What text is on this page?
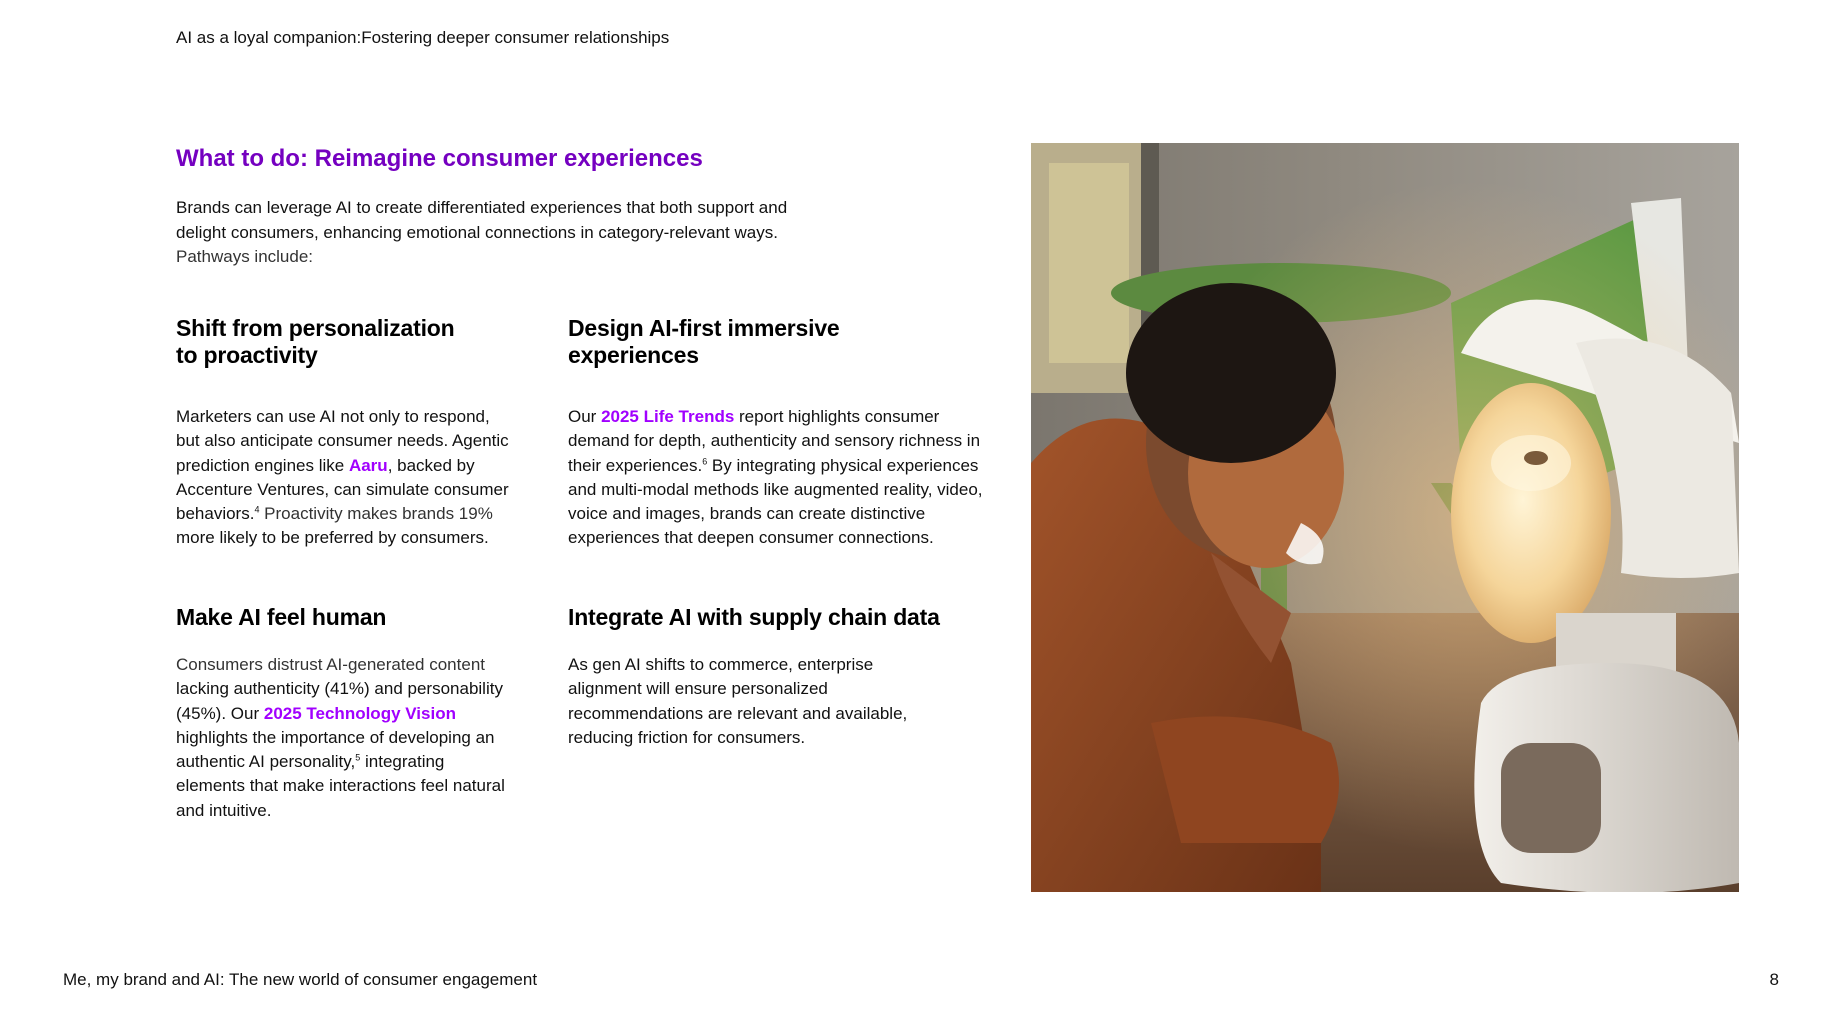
AI as a loyal companion:Fostering deeper consumer relationships
What to do: Reimagine consumer experiences
Brands can leverage AI to create differentiated experiences that both support and delight consumers, enhancing emotional connections in category-relevant ways.
Pathways include:
Shift from personalization
to proactivity

Marketers can use AI not only to respond, but also anticipate consumer needs. Agentic prediction engines like Aaru, backed by Accenture Ventures, can simulate consumer behaviors.$^4$ Proactivity makes brands 19% more likely to be preferred by consumers.

Design AI-first immersive
experiences

Our 2025 Life Trends report highlights consumer demand for depth, authenticity and sensory richness in their experiences.$^6$ By integrating physical experiences and multi-modal methods like augmented reality, video, voice and images, brands can create distinctive experiences that deepen consumer connections.

Make AI feel human

Consumers distrust AI-generated content lacking authenticity (41%) and personability (45%). Our 2025 Technology Vision highlights the importance of developing an authentic AI personality,$^5$ integrating elements that make interactions feel natural and intuitive.

Integrate AI with supply chain data

As gen AI shifts to commerce, enterprise alignment will ensure personalized recommendations are relevant and available, reducing friction for consumers.

Me, my brand and AI: The new world of consumer engagement	8
